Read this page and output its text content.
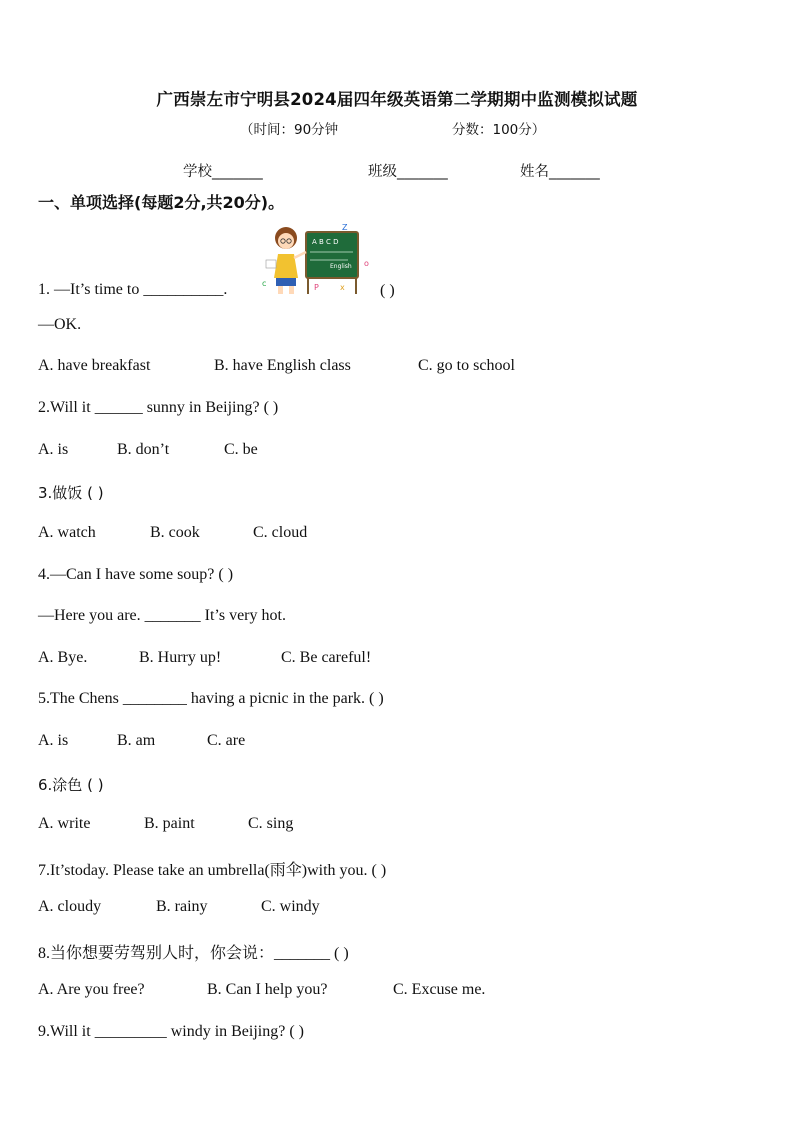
广西崇左市宁明县2024届四年级英语第二学期期中监测模拟试题
（时间：90分钟	分数：100分）
学校_______	班级_______	姓名_______
一、单项选择(每题2分,共20分)。
A B C D
English
Z
o
c	P	x
1. —It’s time to __________.	( )
—OK.
A. have breakfast	B. have English class	C. go to school
2.Will it ______ sunny in Beijing? ( )
A. is	B. don’t	C. be
3.做饭 ( )
A. watch	B. cook	C. cloud
4.—Can I have some soup? ( )
—Here you are. _______ It’s very hot.
A. Bye.	B. Hurry up!	C. Be careful!
5.The Chens ________ having a picnic in the park. ( )
A. is	B. am	C. are
6.涂色 ( )
A. write	B. paint	C. sing
7.It’stoday. Please take an umbrella(雨伞)with you. ( )
A. cloudy	B. rainy	C. windy
8.当你想要劳驾别人时，你会说：_______ ( )
A. Are you free?	B. Can I help you?	C. Excuse me.
9.Will it _________ windy in Beijing? ( )
